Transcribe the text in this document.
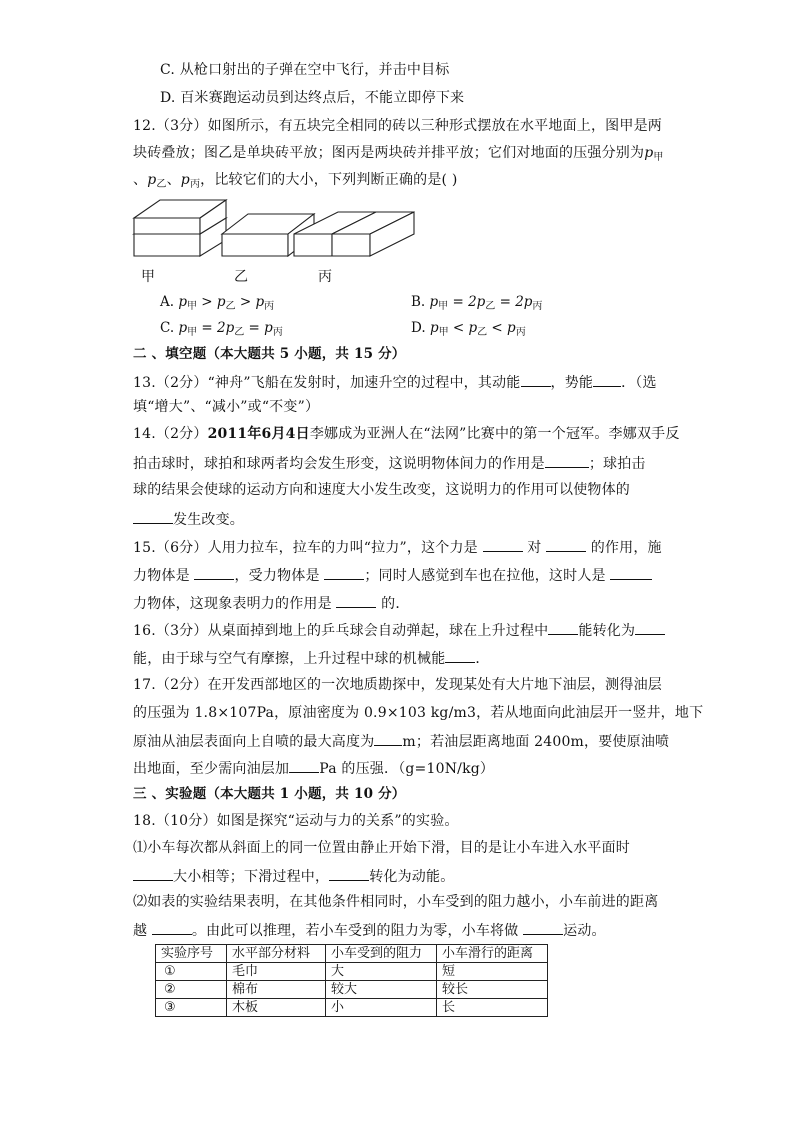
C. 从枪口射出的子弹在空中飞行，并击中目标
D. 百米赛跑运动员到达终点后，不能立即停下来
12.（3分）如图所示，有五块完全相同的砖以三种形式摆放在水平地面上，图甲是两
块砖叠放；图乙是单块砖平放；图丙是两块砖并排平放；它们对地面的压强分别为$p_甲$
、$p_乙$、$p_丙$，比较它们的大小，下列判断正确的是( )
甲	乙	丙
A. $p_甲 > p_乙 > p_丙$	B. $p_甲 = 2p_乙 = 2p_丙$
C. $p_甲 = 2p_乙 = p_丙$	D. $p_甲 < p_乙 < p_丙$
二 、填空题（本大题共 5 小题，共 15 分）
13.（2分）“神舟”飞船在发射时，加速升空的过程中，其动能 ，势能 ．（选
填“增大”、“减小”或“不变”）
14.（2分）2011年6月4日李娜成为亚洲人在“法网”比赛中的第一个冠军。李娜双手反
拍击球时，球拍和球两者均会发生形变，这说明物体间力的作用是	；球拍击
球的结果会使球的运动方向和速度大小发生改变，这说明力的作用可以使物体的
发生改变。
15.（6分）人用力拉车，拉车的力叫“拉力”，这个力是	对	的作用，施
力物体是	，受力物体是	；同时人感觉到车也在拉他，这时人是
力物体，这现象表明力的作用是	的．
16.（3分）从桌面掉到地上的乒乓球会自动弹起，球在上升过程中 能转化为
能，由于球与空气有摩擦，上升过程中球的机械能 ．
17.（2分）在开发西部地区的一次地质勘探中，发现某处有大片地下油层，测得油层
的压强为 1.8×107Pa，原油密度为 0.9×103 kg/m3，若从地面向此油层开一竖井，地下
原油从油层表面向上自喷的最大高度为 m；若油层距离地面 2400m，要使原油喷
出地面，至少需向油层加 Pa 的压强．（g=10N/kg）
三 、实验题（本大题共 1 小题，共 10 分）
18.（10分）如图是探究“运动与力的关系”的实验。
⑴小车每次都从斜面上的同一位置由静止开始下滑，目的是让小车进入水平面时
大小相等；下滑过程中，	转化为动能。
⑵如表的实验结果表明，在其他条件相同时，小车受到的阻力越小，小车前进的距离
越	。由此可以推理，若小车受到的阻力为零，小车将做	运动。
实验序号	水平部分材料	小车受到的阻力	小车滑行的距离
①	毛巾	大	短
②	棉布	较大	较长
③	木板	小	长
